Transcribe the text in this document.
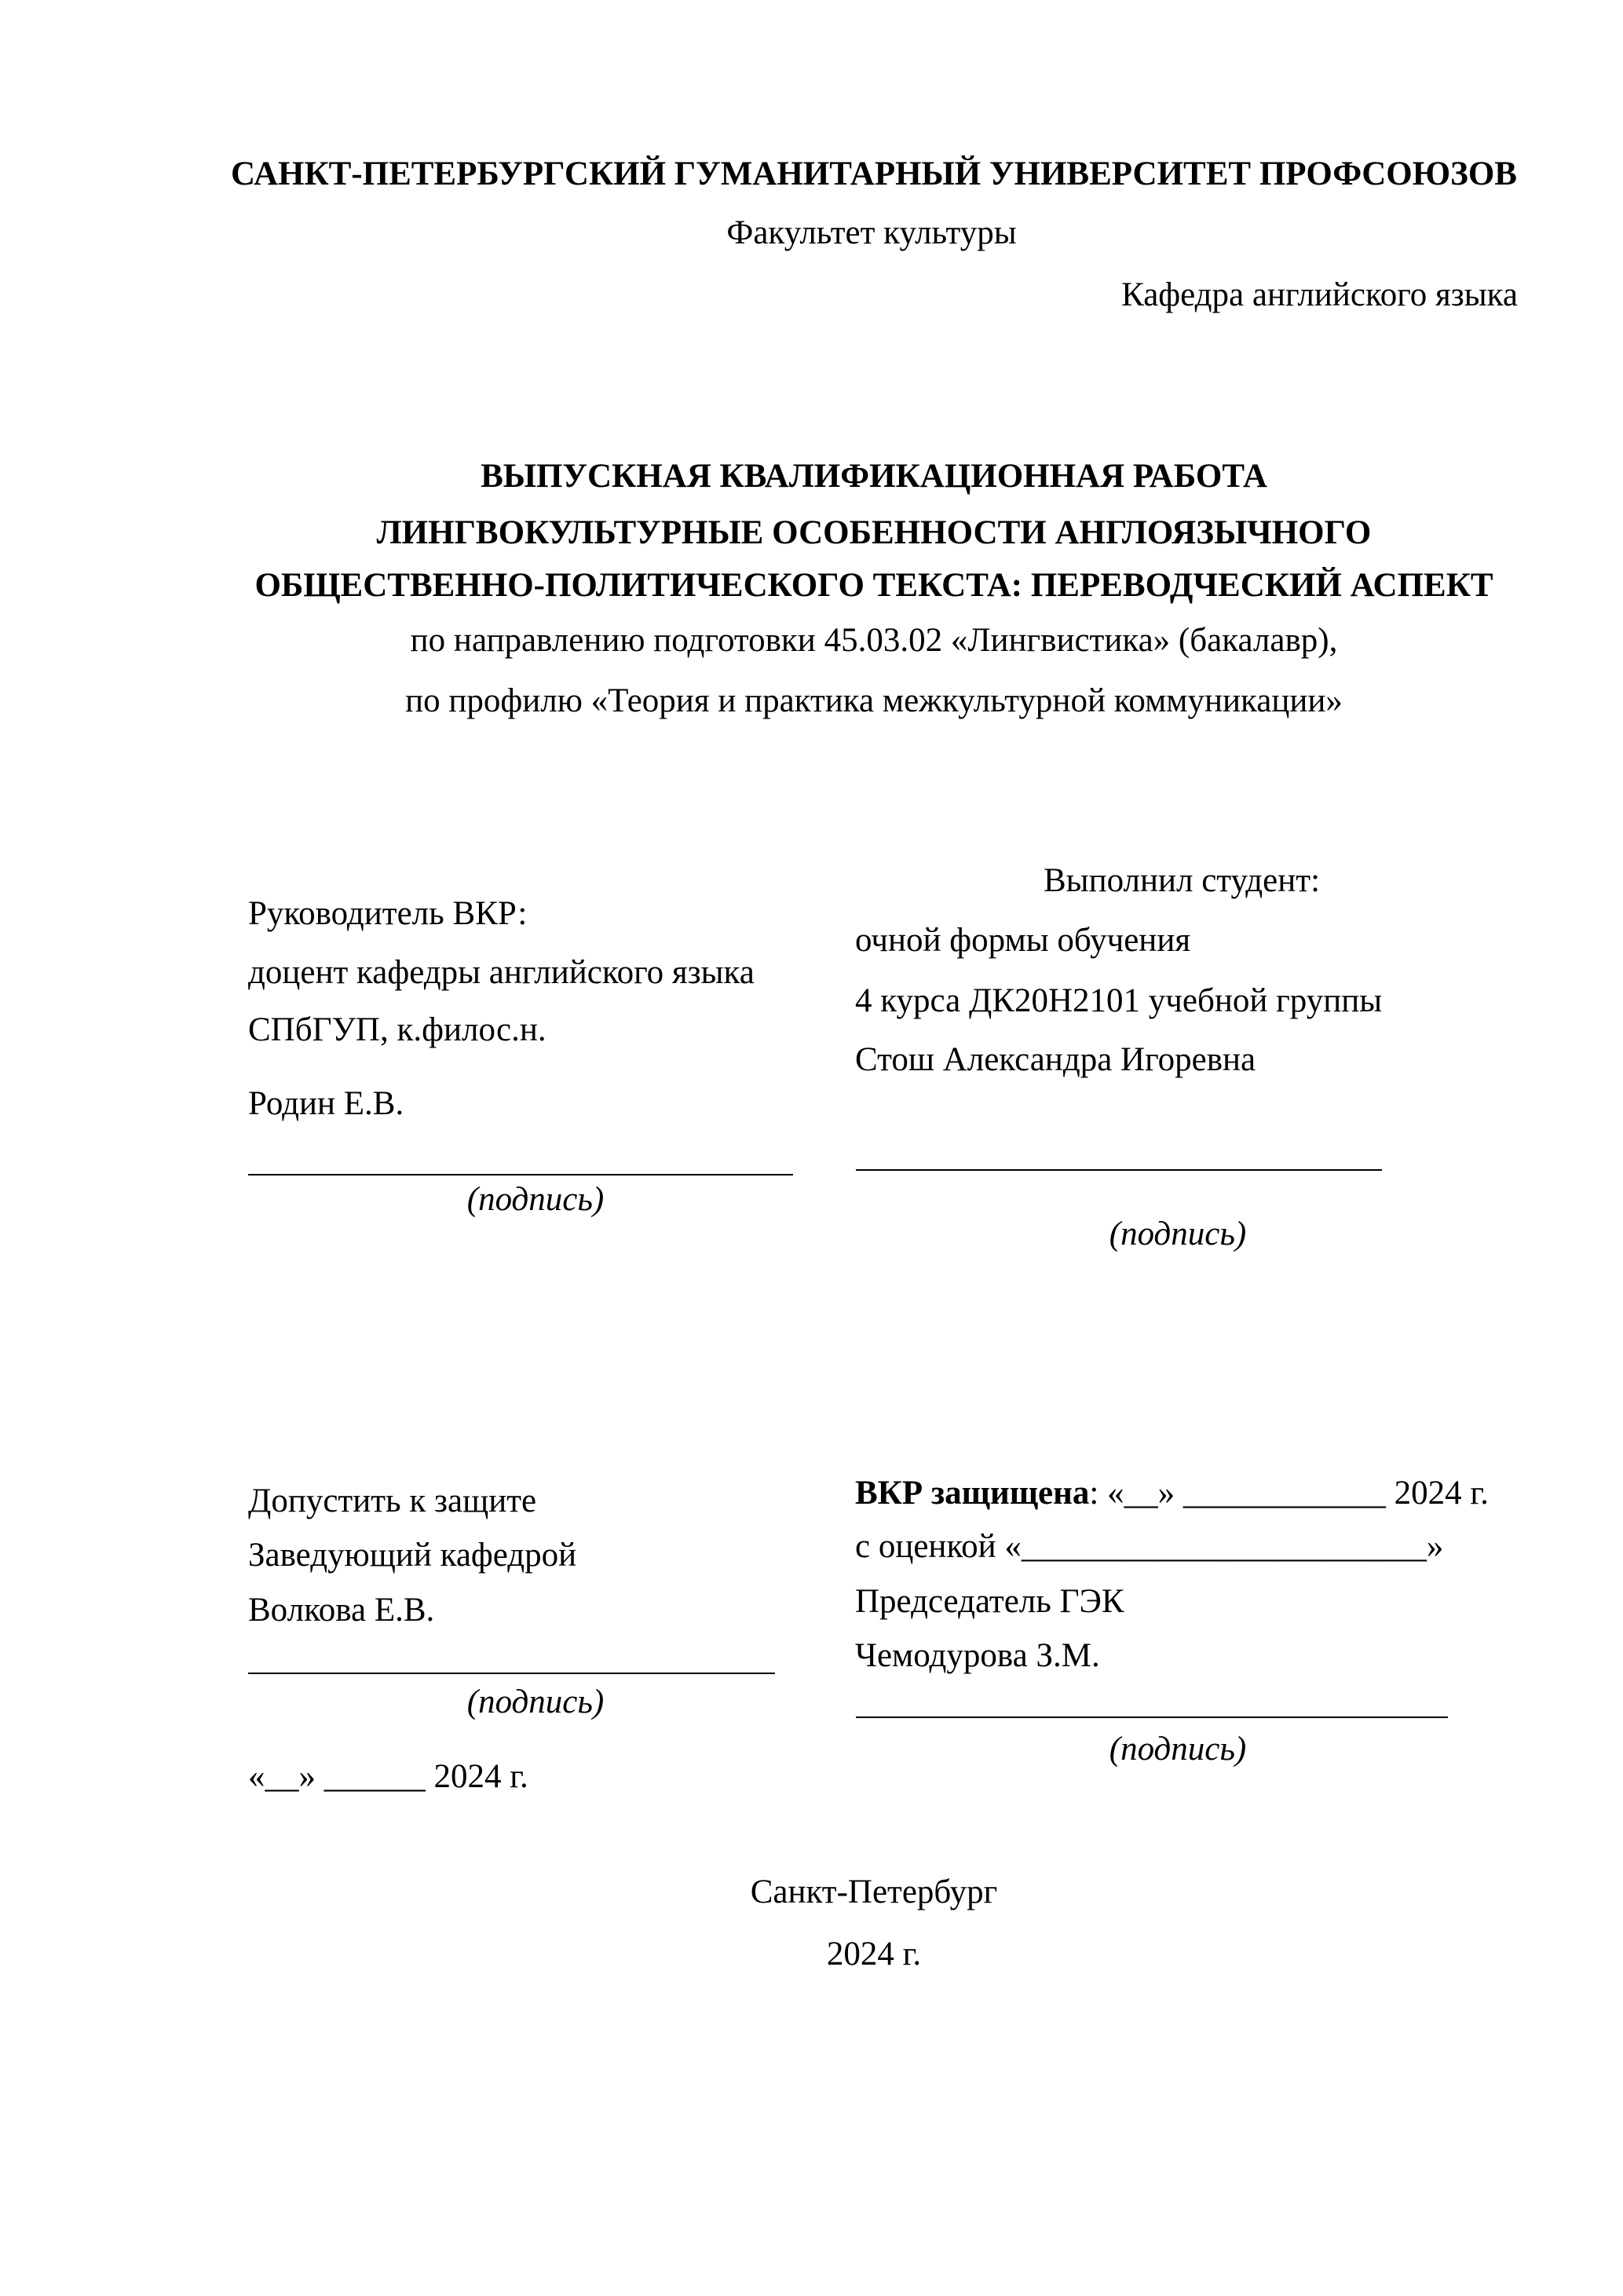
САНКТ-ПЕТЕРБУРГСКИЙ ГУМАНИТАРНЫЙ УНИВЕРСИТЕТ ПРОФСОЮЗОВ
Факультет культуры
Кафедра английского языка
ВЫПУСКНАЯ КВАЛИФИКАЦИОННАЯ РАБОТА
ЛИНГВОКУЛЬТУРНЫЕ ОСОБЕННОСТИ АНГЛОЯЗЫЧНОГО
ОБЩЕСТВЕННО-ПОЛИТИЧЕСКОГО ТЕКСТА: ПЕРЕВОДЧЕСКИЙ АСПЕКТ
по направлению подготовки 45.03.02 «Лингвистика» (бакалавр),
по профилю «Теория и практика межкультурной коммуникации»
Выполнил студент:
Руководитель ВКР:
очной формы обучения
доцент кафедры английского языка
4 курса ДК20Н2101 учебной группы
СПбГУП, к.филос.н.
Стош Александра Игоревна
Родин Е.В.
(подпись)
(подпись)
Допустить к защите	ВКР защищена: «__» ____________ 2024 г.
Заведующий кафедрой	с оценкой «________________________»
Председатель ГЭК
Волкова Е.В.
Чемодурова З.М.
(подпись)
(подпись)
«__» ______ 2024 г.
Санкт-Петербург
2024 г.
